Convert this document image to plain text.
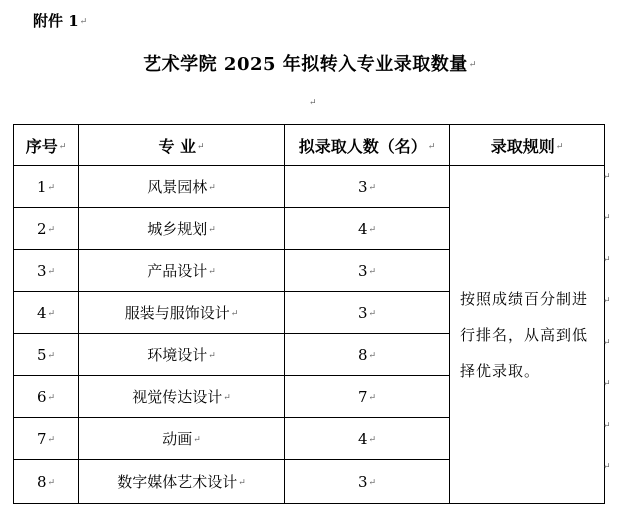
附件 1↵
艺术学院 2025 年拟转入专业录取数量↵
↵
序号↵	专 业↵	拟录取人数（名）↵	录取规则↵
1↵	风景园林↵	3↵	按照成绩百分制进行排名，从高到低择优录取。
2↵	城乡规划↵	4↵	
3↵	产品设计↵	3↵	
4↵	服装与服饰设计↵	3↵	
5↵	环境设计↵	8↵	
6↵	视觉传达设计↵	7↵	
7↵	动画↵	4↵	
8↵	数字媒体艺术设计↵	3↵	
↵
↵
↵
↵
↵
↵
↵
↵
